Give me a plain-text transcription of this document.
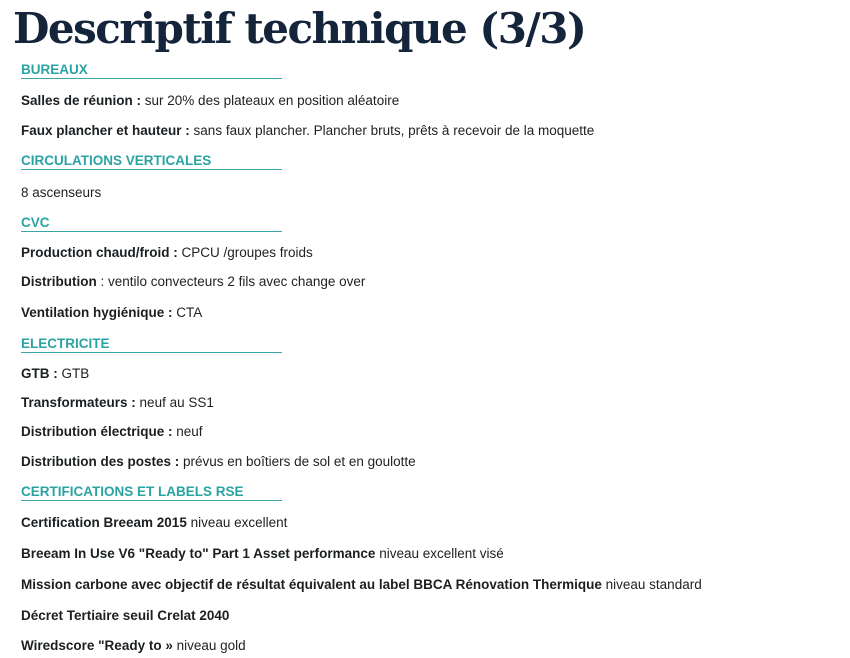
Descriptif technique (3/3)
BUREAUX
Salles de réunion : sur 20% des plateaux en position aléatoire
Faux plancher et hauteur : sans faux plancher. Plancher bruts, prêts à recevoir de la moquette
CIRCULATIONS VERTICALES
8 ascenseurs
CVC
Production chaud/froid : CPCU /groupes froids
Distribution : ventilo convecteurs 2 fils avec change over
Ventilation hygiénique : CTA
ELECTRICITE
GTB : GTB
Transformateurs : neuf au SS1
Distribution électrique : neuf
Distribution des postes : prévus en boîtiers de sol et en goulotte
CERTIFICATIONS ET LABELS RSE
Certification Breeam 2015 niveau excellent
Breeam In Use V6 "Ready to" Part 1 Asset performance niveau excellent visé
Mission carbone avec objectif de résultat équivalent au label BBCA Rénovation Thermique niveau standard
Décret Tertiaire seuil Crelat 2040
Wiredscore "Ready to » niveau gold
